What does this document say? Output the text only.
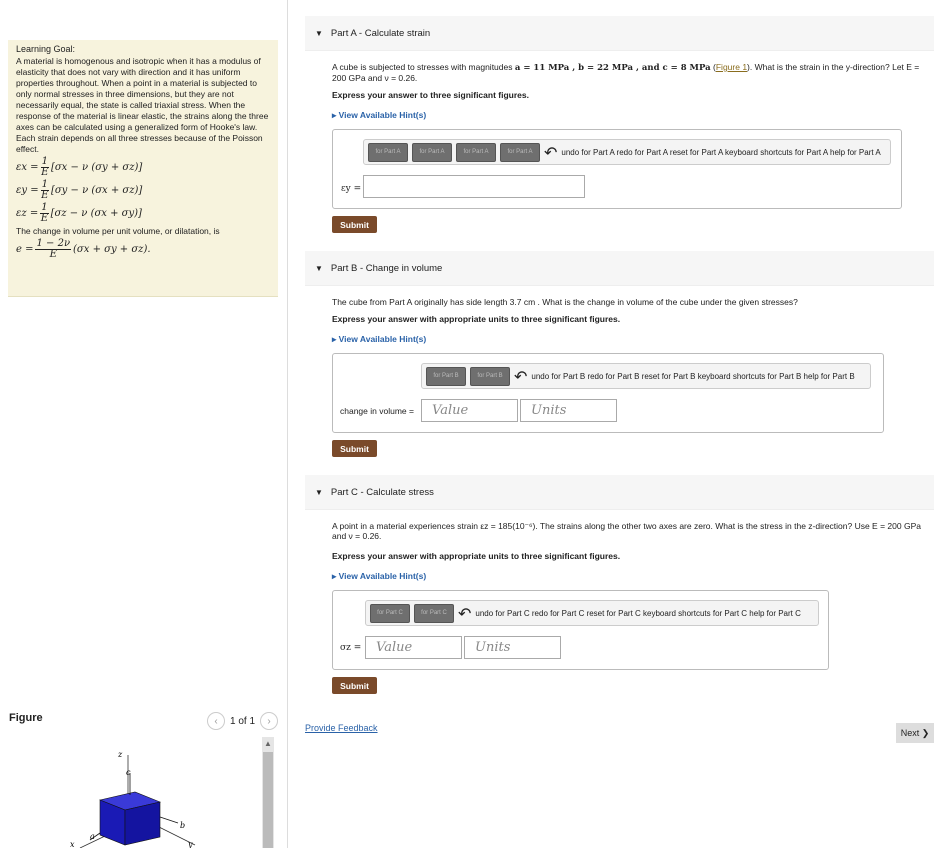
Learning Goal:
A material is homogenous and isotropic when it has a modulus of elasticity that does not vary with direction and it has uniform properties throughout. When a point in a material is subjected to only normal stresses in three dimensions, but they are not necessarily equal, the state is called triaxial stress. When the response of the material is linear elastic, the strains along the three axes can be calculated using a generalized form of Hooke's law. Each strain depends on all three stresses because of the Poisson effect.
$\varepsilon x = \frac{1}{E} [\sigma x - \nu$ (σy + σz)]
$\varepsilon y = \frac{1}{E} [\sigma y - \nu$ (σx + σz)]
$\varepsilon z = \frac{1}{E} [\sigma z - \nu$ (σx + σy)]
The change in volume per unit volume, or dilatation, is
$e = \frac{1 - 2\nu}{E} (\sigma x + \sigma y + \sigma z)$.
Figure	‹	1 of 1	›
z
c
b
a
x	y
▲
▼ Part A - Calculate strain
A cube is subjected to stresses with magnitudes a = 11 MPa , b = 22 MPa , and c = 8 MPa (Figure 1). What is the strain in the y-direction? Let E = 200 GPa and ν = 0.26.
Express your answer to three significant figures.
▸ View Available Hint(s)
for Part A	for Part A	for Part A	for Part A ↶ undo for Part A redo for Part A reset for Part A keyboard shortcuts for Part A help for Part A
εy =
Submit
▼ Part B - Change in volume
The cube from Part A originally has side length 3.7 cm . What is the change in volume of the cube under the given stresses?
Express your answer with appropriate units to three significant figures.
▸ View Available Hint(s)
for Part B	for Part B ↶ undo for Part B redo for Part B reset for Part B keyboard shortcuts for Part B help for Part B
change in volume =	Value	Units
Submit
▼ Part C - Calculate stress
A point in a material experiences strain εz = 185(10⁻⁶). The strains along the other two axes are zero. What is the stress in the z-direction? Use E = 200 GPa and ν = 0.26.
Express your answer with appropriate units to three significant figures.
▸ View Available Hint(s)
for Part C	for Part C ↶ undo for Part C redo for Part C reset for Part C keyboard shortcuts for Part C help for Part C
σz =	Value	Units
Submit
Provide Feedback	Next ❯
